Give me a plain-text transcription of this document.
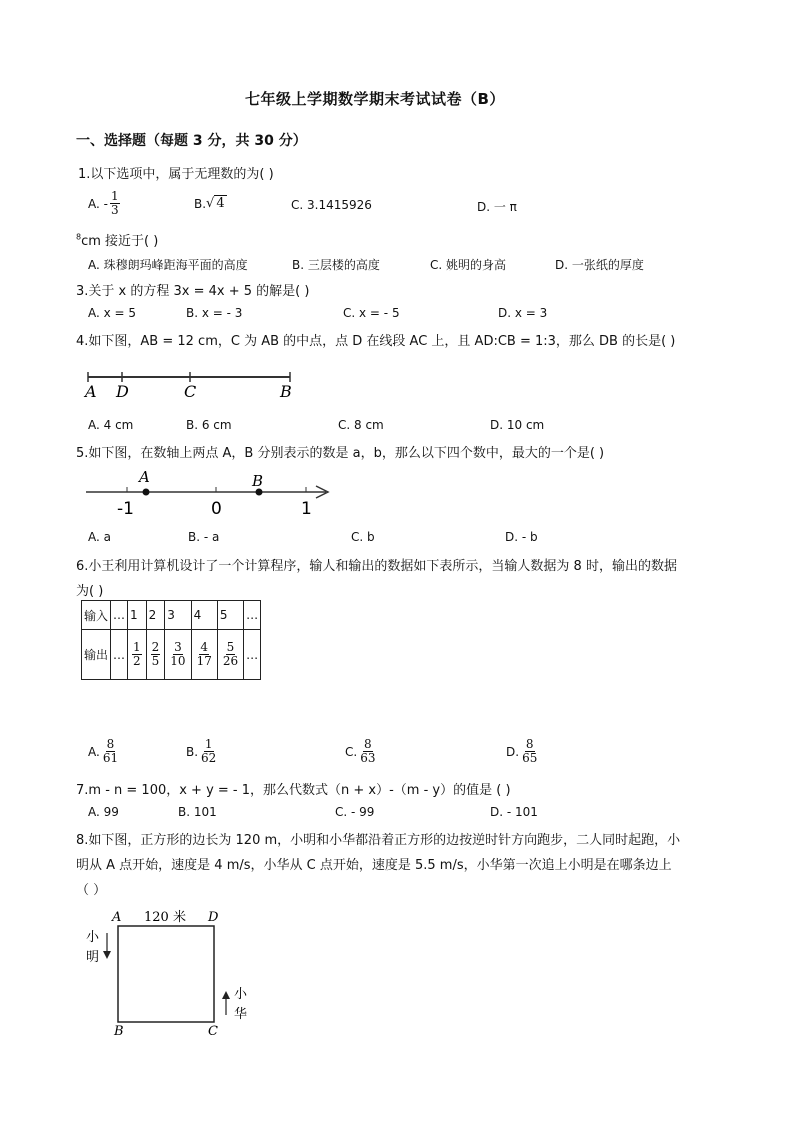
七年级上学期数学期末考试试卷（B）
一、选择题（每题 3 分，共 30 分）
1.以下选项中，属于无理数的为( )
A. - $\frac{1}{3}$	B. √ 4	C. 3.1415926	D. 一 π
$^8$cm 接近于( )
A. 珠穆朗玛峰距海平面的高度	B. 三层楼的高度	C. 姚明的身高	D. 一张纸的厚度
3.关于 x 的方程 3x = 4x + 5 的解是( )
A. x = 5	B. x = - 3	C. x = - 5	D. x = 3
4.如下图，AB = 12 cm，C 为 AB 的中点，点 D 在线段 AC 上，且 AD:CB = 1:3，那么 DB 的长是( )
A D	C	B
A. 4 cm	B. 6 cm	C. 8 cm	D. 10 cm
5.如下图，在数轴上两点 A，B 分别表示的数是 a，b，那么以下四个数中，最大的一个是( )
A	B
-1	0	1
A. a	B. - a	C. b	D. - b
6.小王利用计算机设计了一个计算程序，输人和输出的数据如下表所示，当输人数据为 8 时，输出的数据
为( )
输入	…	1	2	3	4	5	…
输出	…	$\frac{1}{2}$	$\frac{2}{5}$	$\frac{3}{10}$	$\frac{4}{17}$	$\frac{5}{26}$	…
A. $\frac{8}{61}$	B. $\frac{1}{62}$	C. $\frac{8}{63}$	D. $\frac{8}{65}$
7.m - n = 100，x + y = - 1，那么代数式（n + x）-（m - y）的值是 ( )
A. 99	B. 101	C. - 99	D. - 101
8.如下图，正方形的边长为 120 m，小明和小华都沿着正方形的边按逆时针方向跑步，二人同时起跑，小
明从 A 点开始，速度是 4 m/s，小华从 C 点开始，速度是 5.5 m/s，小华第一次追上小明是在哪条边上
（ ）
A	D
B	C
120 米
小
明
小
华
